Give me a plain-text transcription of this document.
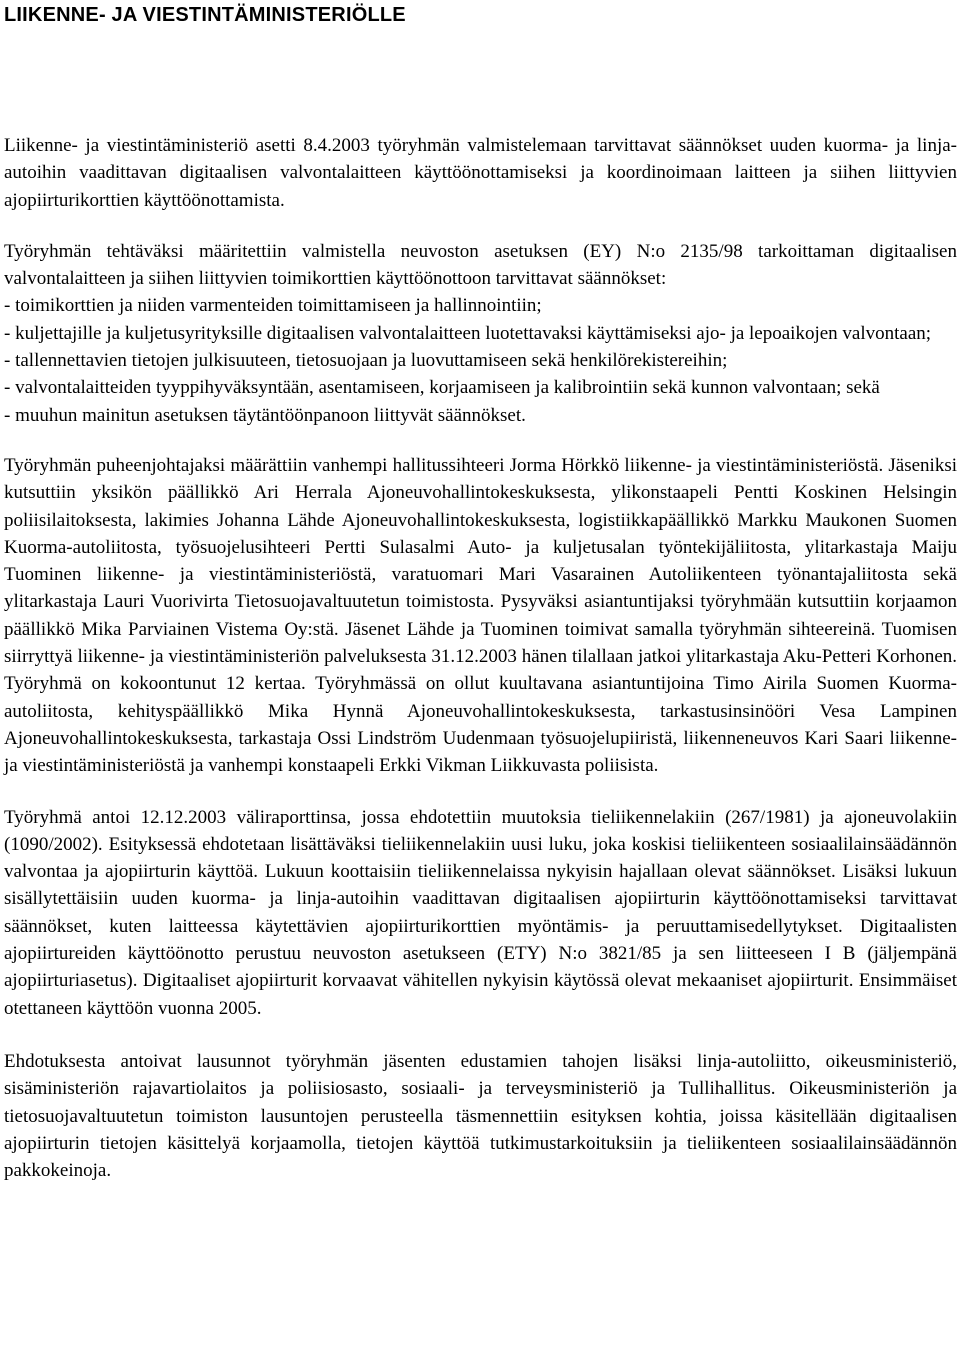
LIIKENNE- JA VIESTINTÄMINISTERIÖLLE

Liikenne- ja viestintäministeriö asetti 8.4.2003 työryhmän valmistelemaan tarvittavat säännökset uuden kuorma- ja linja-autoihin vaadittavan digitaalisen valvontalaitteen käyttöönottamiseksi ja koordinoimaan laitteen ja siihen liittyvien ajopiirturikorttien käyttöönottamista.

Työryhmän tehtäväksi määritettiin valmistella neuvoston asetuksen (EY) N:o 2135/98 tarkoittaman digitaalisen valvontalaitteen ja siihen liittyvien toimikorttien käyttöönottoon tarvittavat säännökset:

- toimikorttien ja niiden varmenteiden toimittamiseen ja hallinnointiin;
- kuljettajille ja kuljetusyrityksille digitaalisen valvontalaitteen luotettavaksi käyttämiseksi ajo- ja lepoaikojen valvontaan;
- tallennettavien tietojen julkisuuteen, tietosuojaan ja luovuttamiseen sekä henkilörekistereihin;
- valvontalaitteiden tyyppihyväksyntään, asentamiseen, korjaamiseen ja kalibrointiin sekä kunnon valvontaan; sekä
- muuhun mainitun asetuksen täytäntöönpanoon liittyvät säännökset.

Työryhmän puheenjohtajaksi määrättiin vanhempi hallitussihteeri Jorma Hörkkö liikenne- ja viestintäministeriöstä. Jäseniksi kutsuttiin yksikön päällikkö Ari Herrala Ajoneuvohallintokeskuksesta, ylikonstaapeli Pentti Koskinen Helsingin poliisilaitoksesta, lakimies Johanna Lähde Ajoneuvohallintokeskuksesta, logistiikkapäällikkö Markku Maukonen Suomen Kuorma-autoliitosta, työsuojelusihteeri Pertti Sulasalmi Auto- ja kuljetusalan työntekijäliitosta, ylitarkastaja Maiju Tuominen liikenne- ja viestintäministeriöstä, varatuomari Mari Vasarainen Autoliikenteen työnantajaliitosta sekä ylitarkastaja Lauri Vuorivirta Tietosuojavaltuutetun toimistosta. Pysyväksi asiantuntijaksi työryhmään kutsuttiin korjaamon päällikkö Mika Parviainen Vistema Oy:stä. Jäsenet Lähde ja Tuominen toimivat samalla työryhmän sihteereinä. Tuomisen siirryttyä liikenne- ja viestintäministeriön palveluksesta 31.12.2003 hänen tilallaan jatkoi ylitarkastaja Aku-Petteri Korhonen. Työryhmä on kokoontunut 12 kertaa. Työryhmässä on ollut kuultavana asiantuntijoina Timo Airila Suomen Kuorma-autoliitosta, kehityspäällikkö Mika Hynnä Ajoneuvohallintokeskuksesta, tarkastusinsinööri Vesa Lampinen Ajoneuvohallintokeskuksesta, tarkastaja Ossi Lindström Uudenmaan työsuojelupiiristä, liikenneneuvos Kari Saari liikenne- ja viestintäministeriöstä ja vanhempi konstaapeli Erkki Vikman Liikkuvasta poliisista.

Työryhmä antoi 12.12.2003 väliraporttinsa, jossa ehdotettiin muutoksia tieliikennelakiin (267/1981) ja ajoneuvolakiin (1090/2002). Esityksessä ehdotetaan lisättäväksi tieliikennelakiin uusi luku, joka koskisi tieliikenteen sosiaalilainsäädännön valvontaa ja ajopiirturin käyttöä. Lukuun koottaisiin tieliikennelaissa nykyisin hajallaan olevat säännökset. Lisäksi lukuun sisällytettäisiin uuden kuorma- ja linja-autoihin vaadittavan digitaalisen ajopiirturin käyttöönottamiseksi tarvittavat säännökset, kuten laitteessa käytettävien ajopiirturikorttien myöntämis- ja peruuttamisedellytykset. Digitaalisten ajopiirtureiden käyttöönotto perustuu neuvoston asetukseen (ETY) N:o 3821/85 ja sen liitteeseen I B (jäljempänä ajopiirturiasetus). Digitaaliset ajopiirturit korvaavat vähitellen nykyisin käytössä olevat mekaaniset ajopiirturit. Ensimmäiset otettaneen käyttöön vuonna 2005.

Ehdotuksesta antoivat lausunnot työryhmän jäsenten edustamien tahojen lisäksi linja-autoliitto, oikeusministeriö, sisäministeriön rajavartiolaitos ja poliisiosasto, sosiaali- ja terveysministeriö ja Tullihallitus. Oikeusministeriön ja tietosuojavaltuutetun toimiston lausuntojen perusteella täsmennettiin esityksen kohtia, joissa käsitellään digitaalisen ajopiirturin tietojen käsittelyä korjaamolla, tietojen käyttöä tutkimustarkoituksiin ja tieliikenteen sosiaalilainsäädännön pakkokeinoja.
